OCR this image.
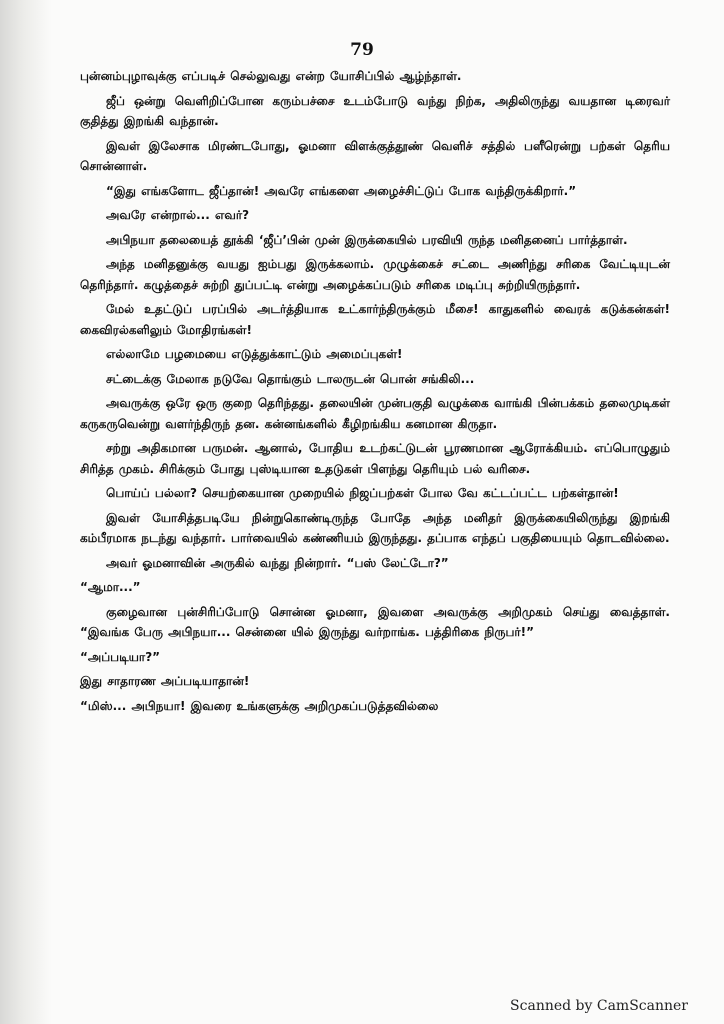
79

புன்னம்புழாவுக்கு எப்படிச் செல்லுவது என்ற யோசிப்பில் ஆழ்ந்தாள்.

ஜீப் ஒன்று வெளிறிப்போன கரும்பச்சை உடம்போடு வந்து நிற்க, அதிலிருந்து வயதான டிரைவர் குதித்து இறங்கி வந்தான்.

இவள் இலேசாக மிரண்டபோது, ஓமனா விளக்குத்தூண் வெளிச் சத்தில் பளீரென்று பற்கள் தெரிய சொன்னாள்.

“இது எங்களோட ஜீப்தான்! அவரே எங்களை அழைச்சிட்டுப் போக வந்திருக்கிறார்.”

அவரே என்றால்... எவர்?

அபிநயா தலையைத் தூக்கி ‘ஜீப்’பின் முன் இருக்கையில் பரவியி ருந்த மனிதனைப் பார்த்தாள்.

அந்த மனிதனுக்கு வயது ஐம்பது இருக்கலாம். முழுக்கைச் சட்டை அணிந்து சரிகை வேட்டியுடன் தெரிந்தார். கழுத்தைச் சுற்றி துப்பட்டி என்று அழைக்கப்படும் சரிகை மடிப்பு சுற்றியிருந்தார்.

மேல் உதட்டுப் பரப்பில் அடர்த்தியாக உட்கார்ந்திருக்கும் மீசை! காதுகளில் வைரக் கடுக்கன்கள்! கைவிரல்களிலும் மோதிரங்கள்!

எல்லாமே பழமையை எடுத்துக்காட்டும் அமைப்புகள்!

சட்டைக்கு மேலாக நடுவே தொங்கும் டாலருடன் பொன் சங்கிலி...

அவருக்கு ஒரே ஒரு குறை தெரிந்தது. தலையின் முன்பகுதி வழுக்கை வாங்கி பின்பக்கம் தலைமுடிகள் கருகருவென்று வளர்ந்திருந் தன. கன்னங்களில் கீழிறங்கிய கனமான கிருதா.

சற்று அதிகமான பருமன். ஆனால், போதிய உடற்கட்டுடன் பூரணமான ஆரோக்கியம். எப்பொழுதும் சிரித்த முகம். சிரிக்கும் போது புஸ்டியான உதடுகள் பிளந்து தெரியும் பல் வரிசை.

பொய்ப் பல்லா? செயற்கையான முறையில் நிஜப்பற்கள் போல வே கட்டப்பட்ட பற்கள்தான்!

இவள் யோசித்தபடியே நின்றுகொண்டிருந்த போதே அந்த மனிதர் இருக்கையிலிருந்து இறங்கி கம்பீரமாக நடந்து வந்தார். பார்வையில் கண்ணியம் இருந்தது. தப்பாக எந்தப் பகுதியையும் தொடவில்லை.

அவர் ஓமனாவின் அருகில் வந்து நின்றார். “பஸ் லேட்டோ?”

“ஆமா...”

குழைவான புன்சிரிப்போடு சொன்ன ஓமனா, இவளை அவருக்கு அறிமுகம் செய்து வைத்தாள். “இவங்க பேரு அபிநயா... சென்னை யில் இருந்து வர்றாங்க. பத்திரிகை நிருபர்!”

“அப்படியா?”

இது சாதாரண அப்படியாதான்!

“மிஸ்... அபிநயா! இவரை உங்களுக்கு அறிமுகப்படுத்தவில்லை

Scanned by CamScanner
